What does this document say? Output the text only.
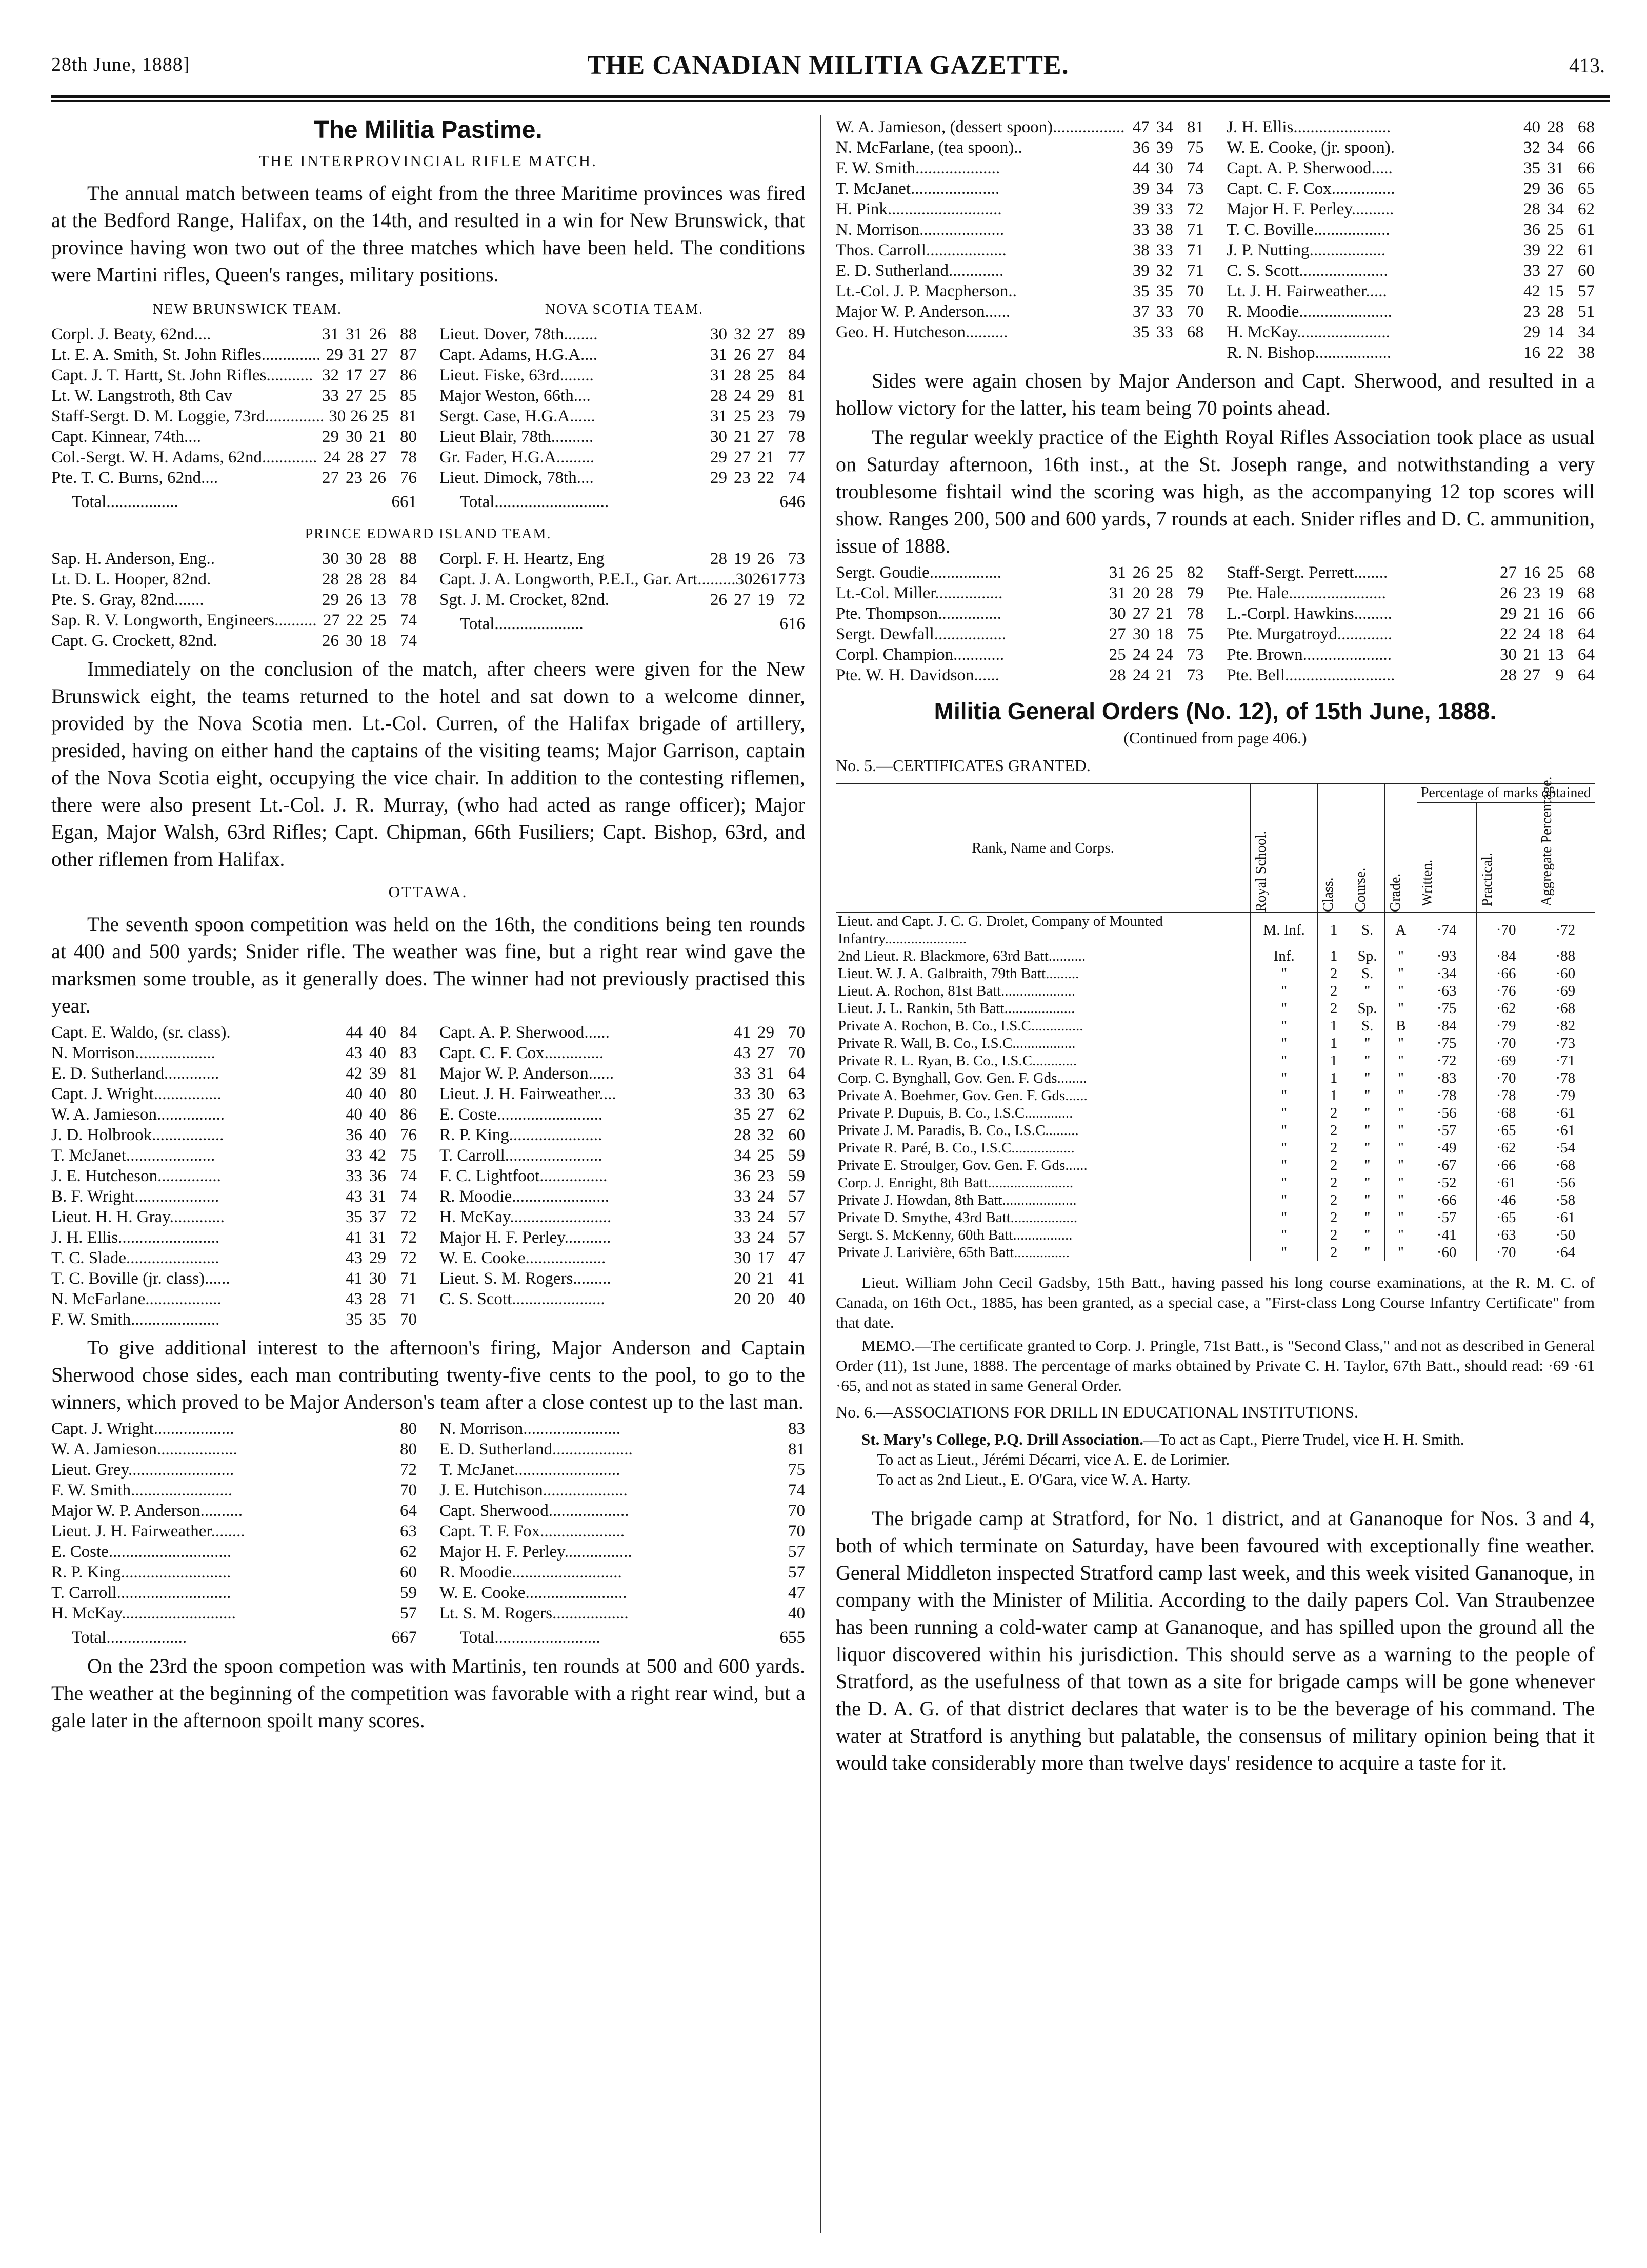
28th June, 1888]	THE CANADIAN MILITIA GAZETTE.	413.
The Militia Pastime.
THE INTERPROVINCIAL RIFLE MATCH.

The annual match between teams of eight from the three Maritime provinces was fired at the Bedford Range, Halifax, on the 14th, and resulted in a win for New Brunswick, that province having won two out of the three matches which have been held. The conditions were Martini rifles, Queen's ranges, military positions.

NEW BRUNSWICK TEAM.	NOVA SCOTIA TEAM.
Corpl. J. Beaty, 62nd....	31 31 26 88
Lt. E. A. Smith, St. John Rifles.............. 29 31 27 87
Capt. J. T. Hartt, St. John Rifles........... 32 17 27 86
Lt. W. Langstroth, 8th Cav	33 27 25 85
Staff-Sergt. D. M. Loggie, 73rd.............. 30 26 25 81
Capt. Kinnear, 74th....	29 30 21 80
Col.-Sergt. W. H. Adams, 62nd............. 24 28 27 78
Pte. T. C. Burns, 62nd....	27 23 26 76
Total.................	661
Lieut. Dover, 78th........	30 32 27 89
Capt. Adams, H.G.A....	31 26 27 84
Lieut. Fiske, 63rd........	31 28 25 84
Major Weston, 66th....	28 24 29 81
Sergt. Case, H.G.A......	31 25 23 79
Lieut Blair, 78th..........	30 21 27 78
Gr. Fader, H.G.A.........	29 27 21 77
Lieut. Dimock, 78th....	29 23 22 74
Total...........................	646
PRINCE EDWARD ISLAND TEAM.
Sap. H. Anderson, Eng..	30 30 28 88
Lt. D. L. Hooper, 82nd.	28 28 28 84
Pte. S. Gray, 82nd.......	29 26 13 78
Sap. R. V. Longworth, Engineers.......... 27 22 25 74
Capt. G. Crockett, 82nd.	26 30 18 74
Corpl. F. H. Heartz, Eng	28 19 26 73
Capt. J. A. Longworth, P.E.I., Gar. Art......... 30 26 17 73
Sgt. J. M. Crocket, 82nd.	26 27 19 72
Total.....................	616

Immediately on the conclusion of the match, after cheers were given for the New Brunswick eight, the teams returned to the hotel and sat down to a welcome dinner, provided by the Nova Scotia men. Lt.-Col. Curren, of the Halifax brigade of artillery, presided, having on either hand the captains of the visiting teams; Major Garrison, captain of the Nova Scotia eight, occupying the vice chair. In addition to the contesting riflemen, there were also present Lt.-Col. J. R. Murray, (who had acted as range officer); Major Egan, Major Walsh, 63rd Rifles; Capt. Chipman, 66th Fusiliers; Capt. Bishop, 63rd, and other riflemen from Halifax.

OTTAWA.

The seventh spoon competition was held on the 16th, the conditions being ten rounds at 400 and 500 yards; Snider rifle. The weather was fine, but a right rear wind gave the marksmen some trouble, as it generally does. The winner had not previously practised this year.

Capt. E. Waldo, (sr. class).	44 40 84
N. Morrison...................	43 40 83
E. D. Sutherland.............	42 39 81
Capt. J. Wright................	40 40 80
W. A. Jamieson................	40 40 86
J. D. Holbrook.................	36 40 76
T. McJanet.....................	33 42 75
J. E. Hutcheson...............	33 36 74
B. F. Wright....................	43 31 74
Lieut. H. H. Gray.............	35 37 72
J. H. Ellis........................	41 31 72
T. C. Slade......................	43 29 72
T. C. Boville (jr. class)......	41 30 71
N. McFarlane..................	43 28 71
F. W. Smith.....................	35 35 70
Capt. A. P. Sherwood......	41 29 70
Capt. C. F. Cox..............	43 27 70
Major W. P. Anderson......	33 31 64
Lieut. J. H. Fairweather....	33 30 63
E. Coste.........................	35 27 62
R. P. King......................	28 32 60
T. Carroll.......................	34 25 59
F. C. Lightfoot................	36 23 59
R. Moodie.......................	33 24 57
H. McKay........................	33 24 57
Major H. F. Perley...........	33 24 57
W. E. Cooke...................	30 17 47
Lieut. S. M. Rogers.........	20 21 41
C. S. Scott......................	20 20 40

To give additional interest to the afternoon's firing, Major Anderson and Captain Sherwood chose sides, each man contributing twenty-five cents to the pool, to go to the winners, which proved to be Major Anderson's team after a close contest up to the last man.

Capt. J. Wright...................	80
W. A. Jamieson...................	80
Lieut. Grey.........................	72
F. W. Smith........................	70
Major W. P. Anderson..........	64
Lieut. J. H. Fairweather........	63
E. Coste.............................	62
R. P. King..........................	60
T. Carroll...........................	59
H. McKay...........................	57
Total...................	667
N. Morrison.......................	83
E. D. Sutherland...................	81
T. McJanet.........................	75
J. E. Hutchison....................	74
Capt. Sherwood...................	70
Capt. T. F. Fox....................	70
Major H. F. Perley................	57
R. Moodie..........................	57
W. E. Cooke........................	47
Lt. S. M. Rogers..................	40
Total.........................	655

On the 23rd the spoon competion was with Martinis, ten rounds at 500 and 600 yards. The weather at the beginning of the competition was favorable with a right rear wind, but a gale later in the afternoon spoilt many scores.

W. A. Jamieson, (dessert spoon)................. 47 34 81
N. McFarlane, (tea spoon)..	36 39 75
F. W. Smith....................	44 30 74
T. McJanet.....................	39 34 73
H. Pink...........................	39 33 72
N. Morrison....................	33 38 71
Thos. Carroll...................	38 33 71
E. D. Sutherland.............	39 32 71
Lt.-Col. J. P. Macpherson..	35 35 70
Major W. P. Anderson......	37 33 70
Geo. H. Hutcheson..........	35 33 68
J. H. Ellis.......................	40 28 68
W. E. Cooke, (jr. spoon).	32 34 66
Capt. A. P. Sherwood.....	35 31 66
Capt. C. F. Cox...............	29 36 65
Major H. F. Perley..........	28 34 62
T. C. Boville..................	36 25 61
J. P. Nutting..................	39 22 61
C. S. Scott.....................	33 27 60
Lt. J. H. Fairweather.....	42 15 57
R. Moodie......................	23 28 51
H. McKay......................	29 14 34
R. N. Bishop..................	16 22 38

Sides were again chosen by Major Anderson and Capt. Sherwood, and resulted in a hollow victory for the latter, his team being 70 points ahead.

The regular weekly practice of the Eighth Royal Rifles Association took place as usual on Saturday afternoon, 16th inst., at the St. Joseph range, and notwithstanding a very troublesome fishtail wind the scoring was high, as the accompanying 12 top scores will show. Ranges 200, 500 and 600 yards, 7 rounds at each. Snider rifles and D. C. ammunition, issue of 1888.

Sergt. Goudie.................	31 26 25 82
Lt.-Col. Miller................	31 20 28 79
Pte. Thompson...............	30 27 21 78
Sergt. Dewfall.................	27 30 18 75
Corpl. Champion............	25 24 24 73
Pte. W. H. Davidson......	28 24 21 73
Staff-Sergt. Perrett........	27 16 25 68
Pte. Hale.......................	26 23 19 68
L.-Corpl. Hawkins.........	29 21 16 66
Pte. Murgatroyd.............	22 24 18 64
Pte. Brown.....................	30 21 13 64
Pte. Bell..........................	28 27 9 64
Militia General Orders (No. 12), of 15th June, 1888.
(Continued from page 406.)
No. 5.—CERTIFICATES GRANTED.
Rank, Name and Corps.	Royal School.	Class.	Course.	Grade.	Percentage of marks obtained		

					Written.	Practical.	Aggregate Percentage.

Lieut. and Capt. J. C. G. Drolet, Company of Mounted Infantry......................	M. Inf.	1	S.	A	·74	·70	·72
2nd Lieut. R. Blackmore, 63rd Batt..........	Inf.	1	Sp.	"	·93	·84	·88
Lieut. W. J. A. Galbraith, 79th Batt.........	"	2	S.	"	·34	·66	·60
Lieut. A. Rochon, 81st Batt....................	"	2	"	"	·63	·76	·69
Lieut. J. L. Rankin, 5th Batt...................	"	2	Sp.	"	·75	·62	·68
Private A. Rochon, B. Co., I.S.C..............	"	1	S.	B	·84	·79	·82
Private R. Wall, B. Co., I.S.C.................	"	1	"	"	·75	·70	·73
Private R. L. Ryan, B. Co., I.S.C............	"	1	"	"	·72	·69	·71
Corp. C. Bynghall, Gov. Gen. F. Gds........	"	1	"	"	·83	·70	·78
Private A. Boehmer, Gov. Gen. F. Gds......	"	1	"	"	·78	·78	·79
Private P. Dupuis, B. Co., I.S.C.............	"	2	"	"	·56	·68	·61
Private J. M. Paradis, B. Co., I.S.C.........	"	2	"	"	·57	·65	·61
Private R. Paré, B. Co., I.S.C.................	"	2	"	"	·49	·62	·54
Private E. Stroulger, Gov. Gen. F. Gds......	"	2	"	"	·67	·66	·68
Corp. J. Enright, 8th Batt.......................	"	2	"	"	·52	·61	·56
Private J. Howdan, 8th Batt....................	"	2	"	"	·66	·46	·58
Private D. Smythe, 43rd Batt..................	"	2	"	"	·57	·65	·61
Sergt. S. McKenny, 60th Batt................	"	2	"	"	·41	·63	·50
Private J. Larivière, 65th Batt...............	"	2	"	"	·60	·70	·64

Lieut. William John Cecil Gadsby, 15th Batt., having passed his long course examinations, at the R. M. C. of Canada, on 16th Oct., 1885, has been granted, as a special case, a "First-class Long Course Infantry Certificate" from that date.

MEMO.—The certificate granted to Corp. J. Pringle, 71st Batt., is "Second Class," and not as described in General Order (11), 1st June, 1888. The percentage of marks obtained by Private C. H. Taylor, 67th Batt., should read: ·69 ·61 ·65, and not as stated in same General Order.

No. 6.—ASSOCIATIONS FOR DRILL IN EDUCATIONAL INSTITUTIONS.

St. Mary's College, P.Q. Drill Association.—To act as Capt., Pierre Trudel, vice H. H. Smith.

To act as Lieut., Jérémi Décarri, vice A. E. de Lorimier.

To act as 2nd Lieut., E. O'Gara, vice W. A. Harty.

The brigade camp at Stratford, for No. 1 district, and at Gananoque for Nos. 3 and 4, both of which terminate on Saturday, have been favoured with exceptionally fine weather. General Middleton inspected Stratford camp last week, and this week visited Gananoque, in company with the Minister of Militia. According to the daily papers Col. Van Straubenzee has been running a cold-water camp at Gananoque, and has spilled upon the ground all the liquor discovered within his jurisdiction. This should serve as a warning to the people of Stratford, as the usefulness of that town as a site for brigade camps will be gone whenever the D. A. G. of that district declares that water is to be the beverage of his command. The water at Stratford is anything but palatable, the consensus of military opinion being that it would take considerably more than twelve days' residence to acquire a taste for it.
